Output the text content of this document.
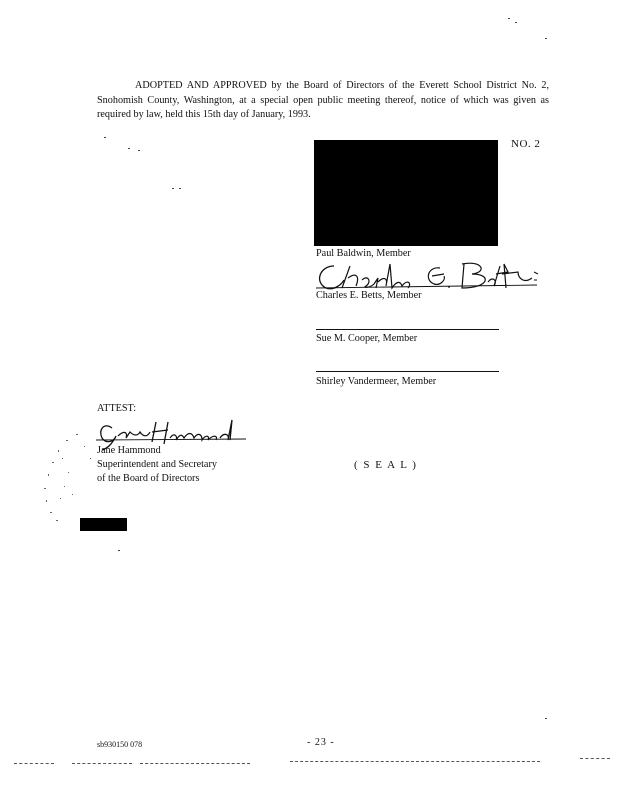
ADOPTED AND APPROVED by the Board of Directors of the Everett School District No. 2, Snohomish County, Washington, at a special open public meeting thereof, notice of which was given as required by law, held this 15th day of January, 1993.
NO. 2
Paul Baldwin, Member
Charles E. Betts, Member
Sue M. Cooper, Member
Shirley Vandermeer, Member
ATTEST:
Jane Hammond
Superintendent and Secretary
of the Board of Directors
( S E A L )
sb930150 078	- 23 -
